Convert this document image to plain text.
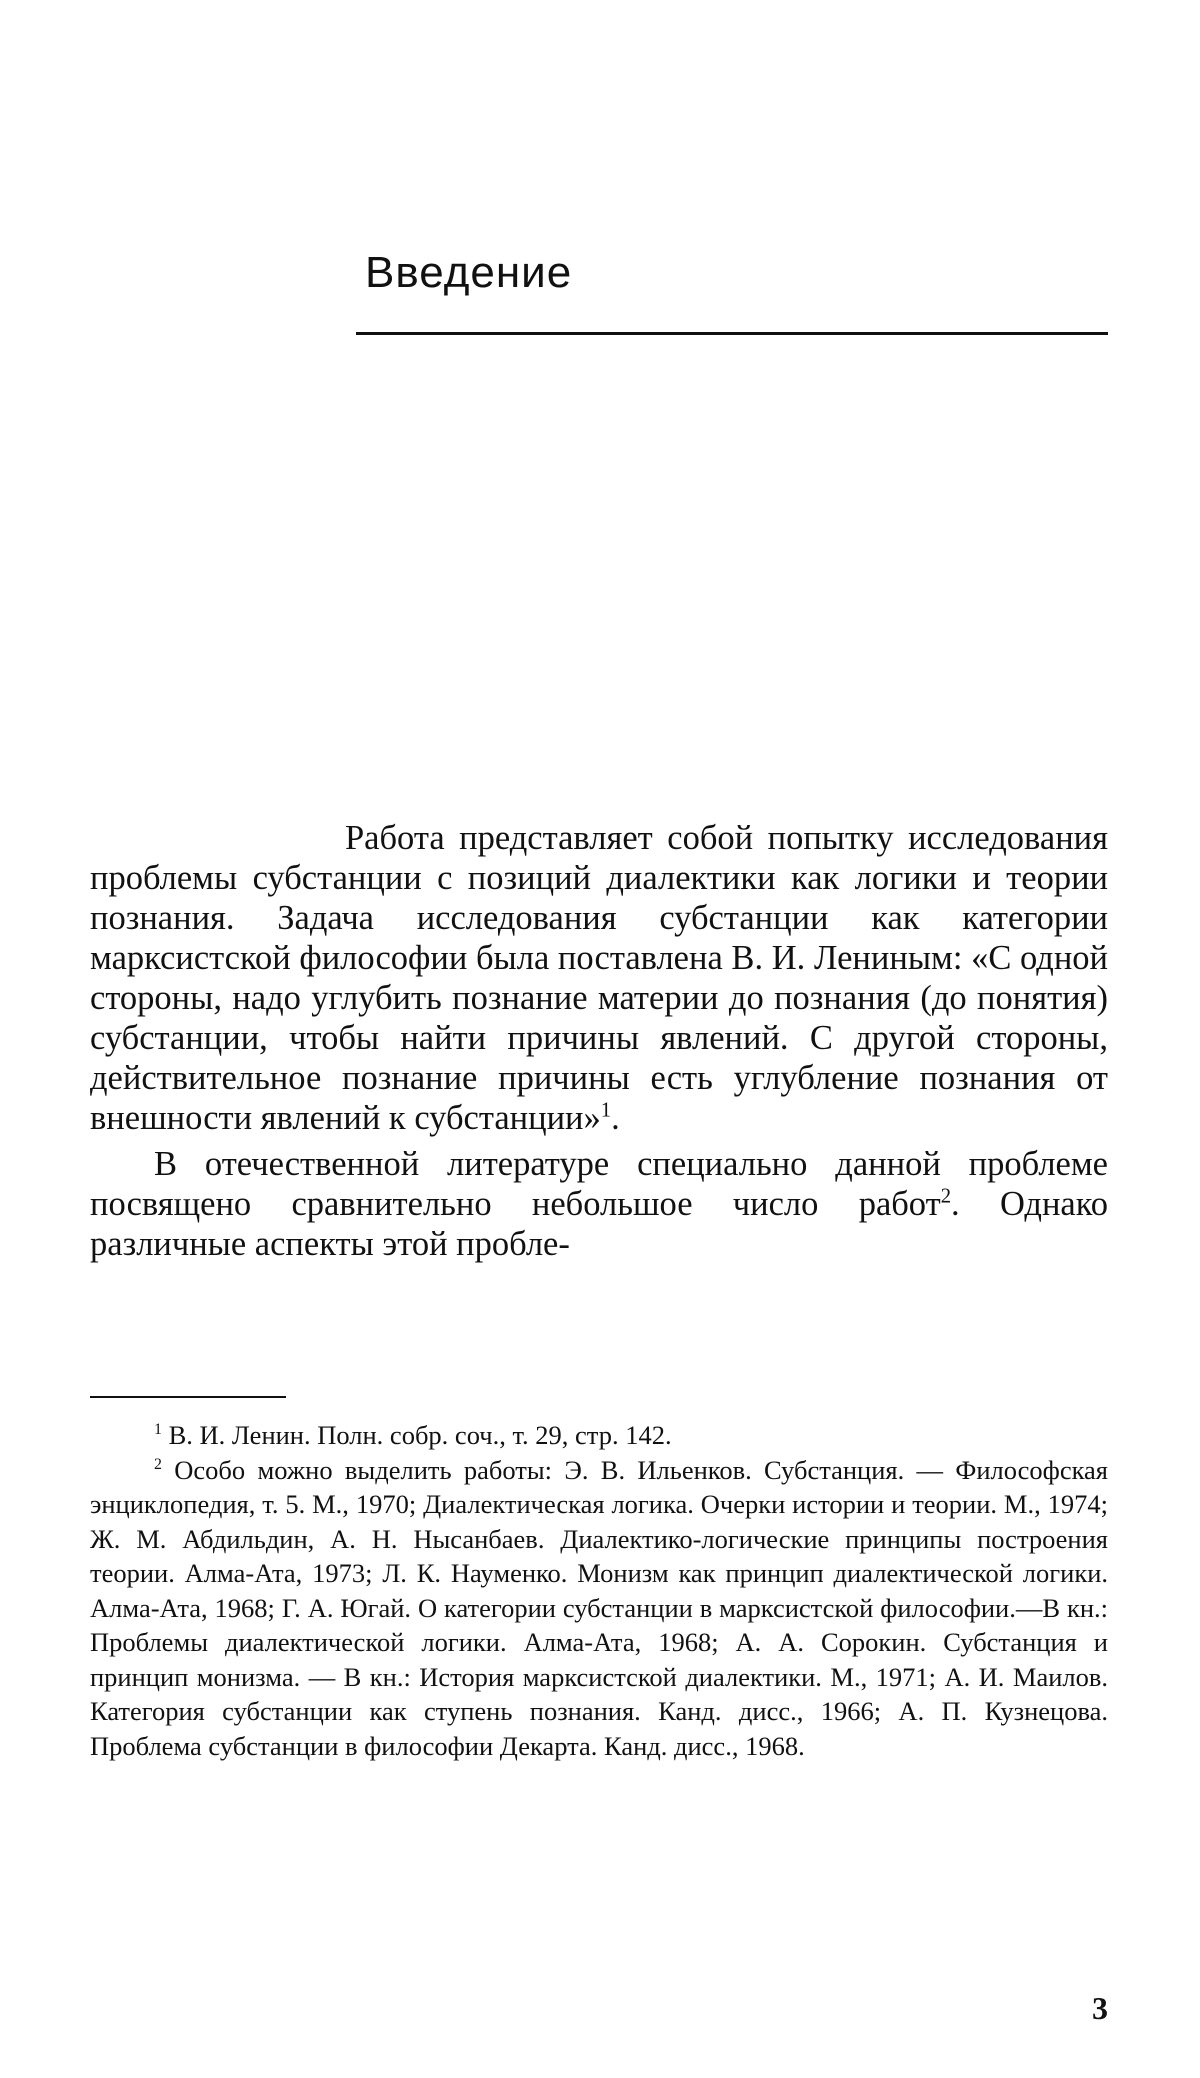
Введение

Работа представляет собой попытку исследования проблемы субстанции с позиций диалектики как логики и теории познания. Задача исследования субстанции как категории марксистской философии была поставлена В. И. Лениным: «С одной стороны, надо углубить познание материи до познания (до понятия) субстанции, чтобы найти причины явлений. С другой стороны, действительное познание причины есть углубление познания от внешности явлений к субстанции»$^1$.

В отечественной литературе специально данной проблеме посвящено сравнительно небольшое число работ$^2$. Однако различные аспекты этой пробле-

$^1$ В. И. Ленин. Полн. собр. соч., т. 29, стр. 142.

$^2$ Особо можно выделить работы: Э. В. Ильенков. Субстанция. — Философская энциклопедия, т. 5. М., 1970; Диалектическая логика. Очерки истории и теории. М., 1974; Ж. М. Абдильдин, А. Н. Нысанбаев. Диалектико-логические принципы построения теории. Алма-Ата, 1973; Л. К. Науменко. Монизм как принцип диалектической логики. Алма-Ата, 1968; Г. А. Югай. О категории субстанции в марксистской философии.—В кн.: Проблемы диалектической логики. Алма-Ата, 1968; А. А. Сорокин. Субстанция и принцип монизма. — В кн.: История марксистской диалектики. М., 1971; А. И. Маилов. Категория субстанции как ступень познания. Канд. дисс., 1966; А. П. Кузнецова. Проблема субстанции в философии Декарта. Канд. дисс., 1968.

3
